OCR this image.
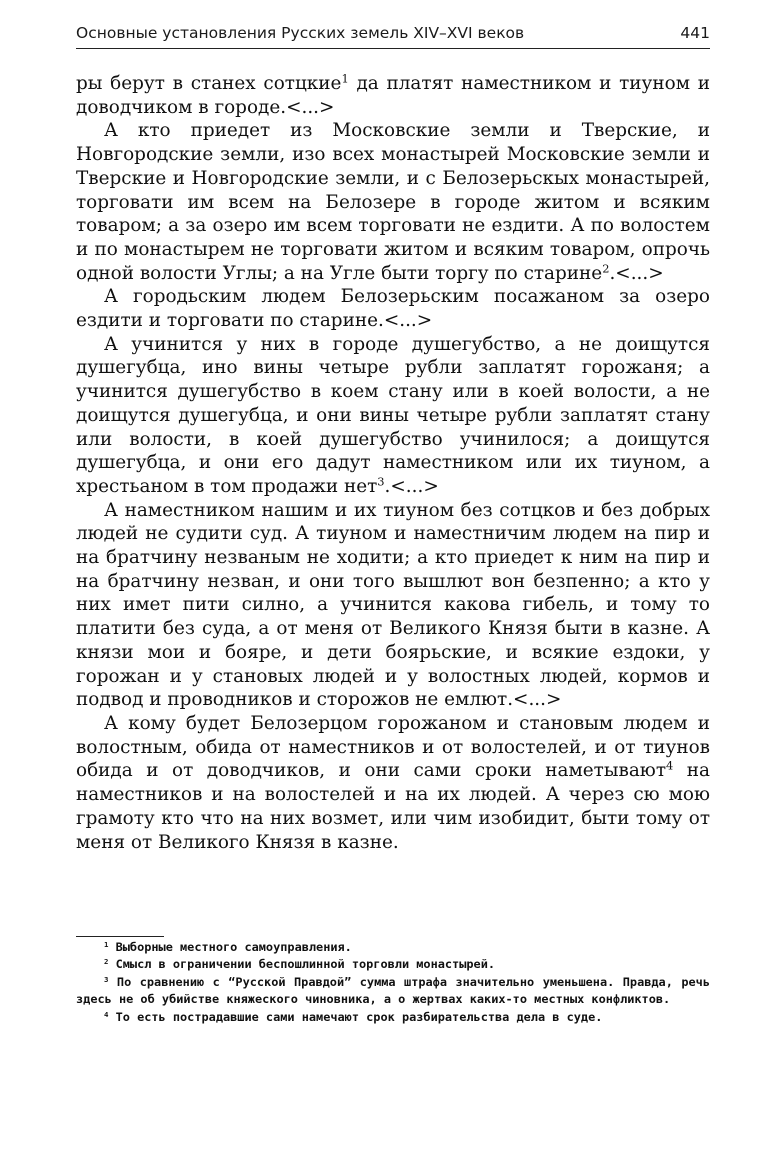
Основные установления Русских земель XIV–XVI веков	441

ры берут в станех сотцкие$^1$ да платят наместником и тиуном и доводчиком в городе.<...>

А кто приедет из Московские земли и Тверские, и Новгородские земли, изо всех монастырей Московские земли и Тверские и Новгородские земли, и с Белозерьскых монастырей, торговати им всем на Белозере в городе житом и всяким товаром; а за озеро им всем торговати не ездити. А по волостем и по монастырем не торговати житом и всяким товаром, опрочь одной волости Углы; а на Угле быти торгу по старине$^2$.<...>

А городьским людем Белозерьским посажаном за озеро ездити и торговати по старине.<...>

А учинится у них в городе душегубство, а не доищутся душегубца, ино вины четыре рубли заплатят горожаня; а учинится душегубство в коем стану или в коей волости, а не доищутся душегубца, и они вины четыре рубли заплатят стану или волости, в коей душегубство учинилося; а доищутся душегубца, и они его дадут наместником или их тиуном, а хрестьаном в том продажи нет$^3$.<...>

А наместником нашим и их тиуном без сотцков и без добрых людей не судити суд. А тиуном и наместничим людем на пир и на братчину незваным не ходити; а кто приедет к ним на пир и на братчину незван, и они того вышлют вон безпенно; а кто у них имет пити силно, а учинится какова гибель, и тому то платити без суда, а от меня от Великого Князя быти в казне. А князи мои и бояре, и дети боярьские, и всякие ездоки, у горожан и у становых людей и у волостных людей, кормов и подвод и проводников и сторожов не емлют.<...>

А кому будет Белозерцом горожаном и становым людем и волостным, обида от наместников и от волостелей, и от тиунов обида и от доводчиков, и они сами сроки наметывают$^4$ на наместников и на волостелей и на их людей. А через сю мою грамоту кто что на них возмет, или чим изобидит, быти тому от меня от Великого Князя в казне.

$^1$ Выборные местного самоуправления.

$^2$ Смысл в ограничении беспошлинной торговли монастырей.

$^3$ По сравнению с “Русской Правдой” сумма штрафа значительно уменьшена. Правда, речь здесь не об убийстве княжеского чиновника, а о жертвах каких-то местных конфликтов.

$^4$ То есть пострадавшие сами намечают срок разбирательства дела в суде.
